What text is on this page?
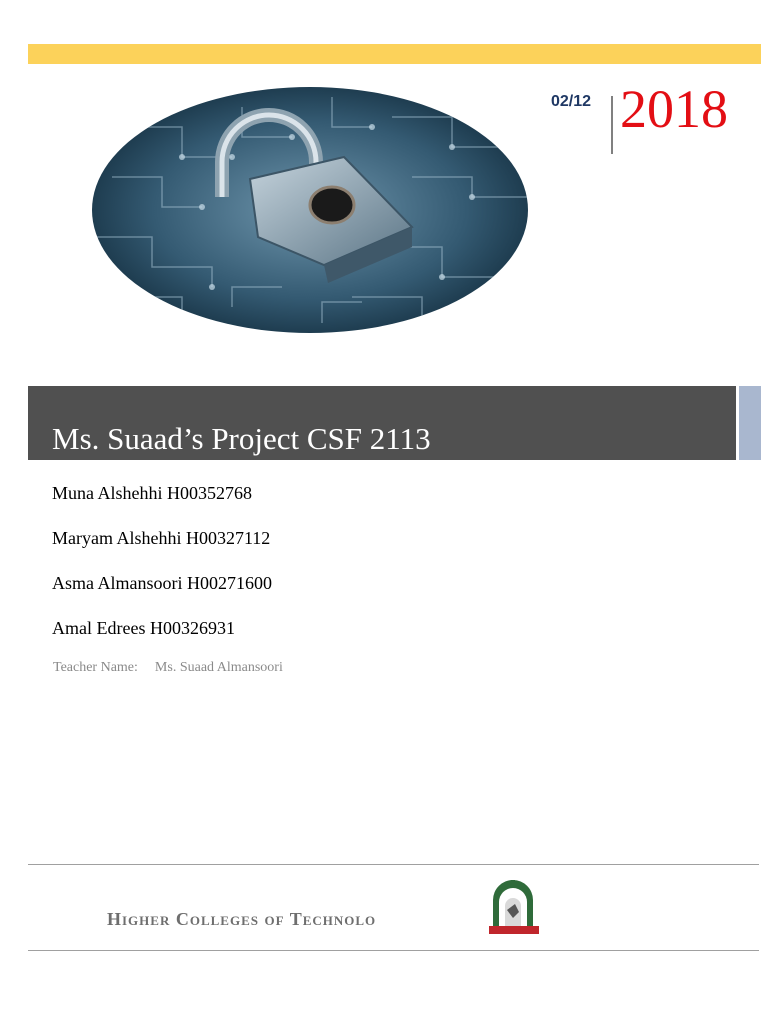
02/12 2018
Ms. Suaad’s Project CSF 2113
Muna Alshehhi H00352768
Maryam Alshehhi H00327112
Asma Almansoori H00271600
Amal Edrees H00326931
Teacher Name: Ms. Suaad Almansoori
Higher Colleges of Technolo
